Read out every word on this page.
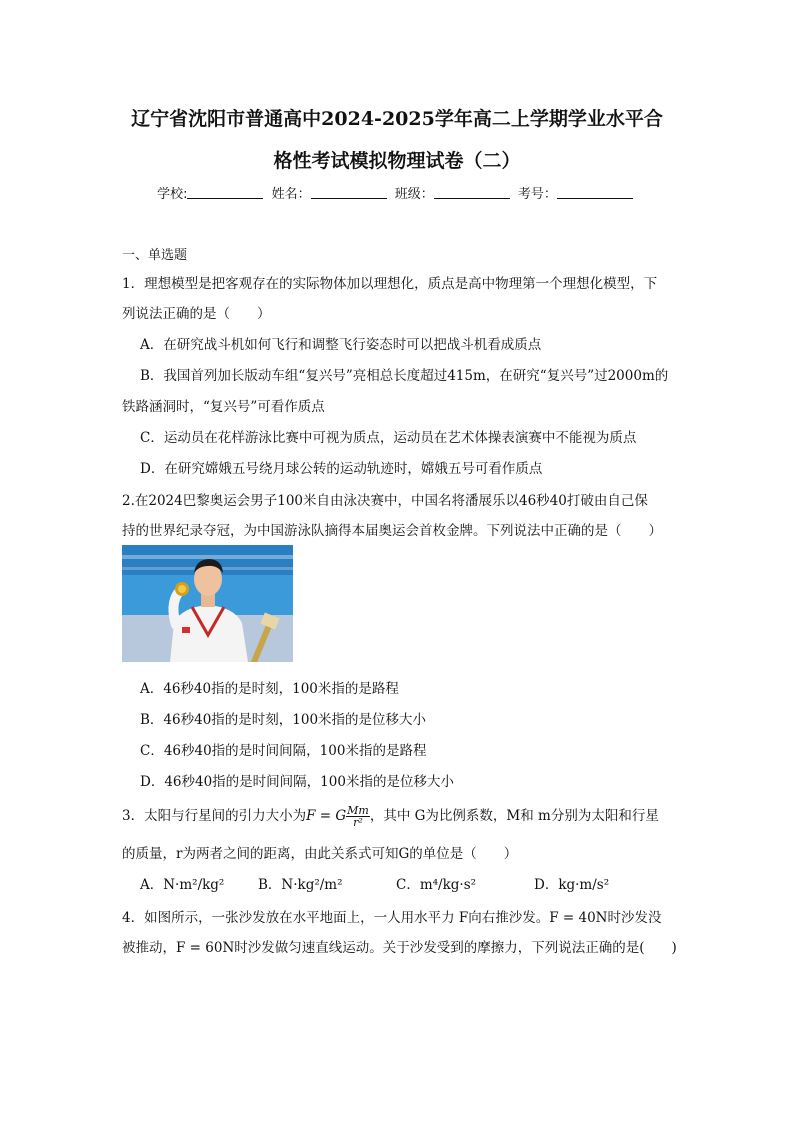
辽宁省沈阳市普通高中2024-2025学年高二上学期学业水平合
格性考试模拟物理试卷（二）
学校:	姓名：	班级：	考号：
一、单选题
1．理想模型是把客观存在的实际物体加以理想化，质点是高中物理第一个理想化模型，下
列说法正确的是（　　）
A．在研究战斗机如何飞行和调整飞行姿态时可以把战斗机看成质点
B．我国首列加长版动车组“复兴号”亮相总长度超过415m，在研究“复兴号”过2000m的
铁路涵洞时，“复兴号”可看作质点
C．运动员在花样游泳比赛中可视为质点，运动员在艺术体操表演赛中不能视为质点
D．在研究嫦娥五号绕月球公转的运动轨迹时，嫦娥五号可看作质点
2.在2024巴黎奥运会男子100米自由泳决赛中，中国名将潘展乐以46秒40打破由自己保
持的世界纪录夺冠，为中国游泳队摘得本届奥运会首枚金牌。下列说法中正确的是（　　）
A．46秒40指的是时刻，100米指的是路程
B．46秒40指的是时刻，100米指的是位移大小
C．46秒40指的是时间间隔，100米指的是路程
D．46秒40指的是时间间隔，100米指的是位移大小
3．太阳与行星间的引力大小为F = G $\frac{Mm}{\text{r²}}$ ，其中 G为比例系数，M和 m分别为太阳和行星
的质量，r为两者之间的距离，由此关系式可知G的单位是（　　）
A．N·m²/kg² B．N·kg²/m²	C．m⁴/kg·s²	D．kg·m/s²
4．如图所示，一张沙发放在水平地面上，一人用水平力 F向右推沙发。F = 40N时沙发没
被推动，F = 60N时沙发做匀速直线运动。关于沙发受到的摩擦力，下列说法正确的是(　　)
